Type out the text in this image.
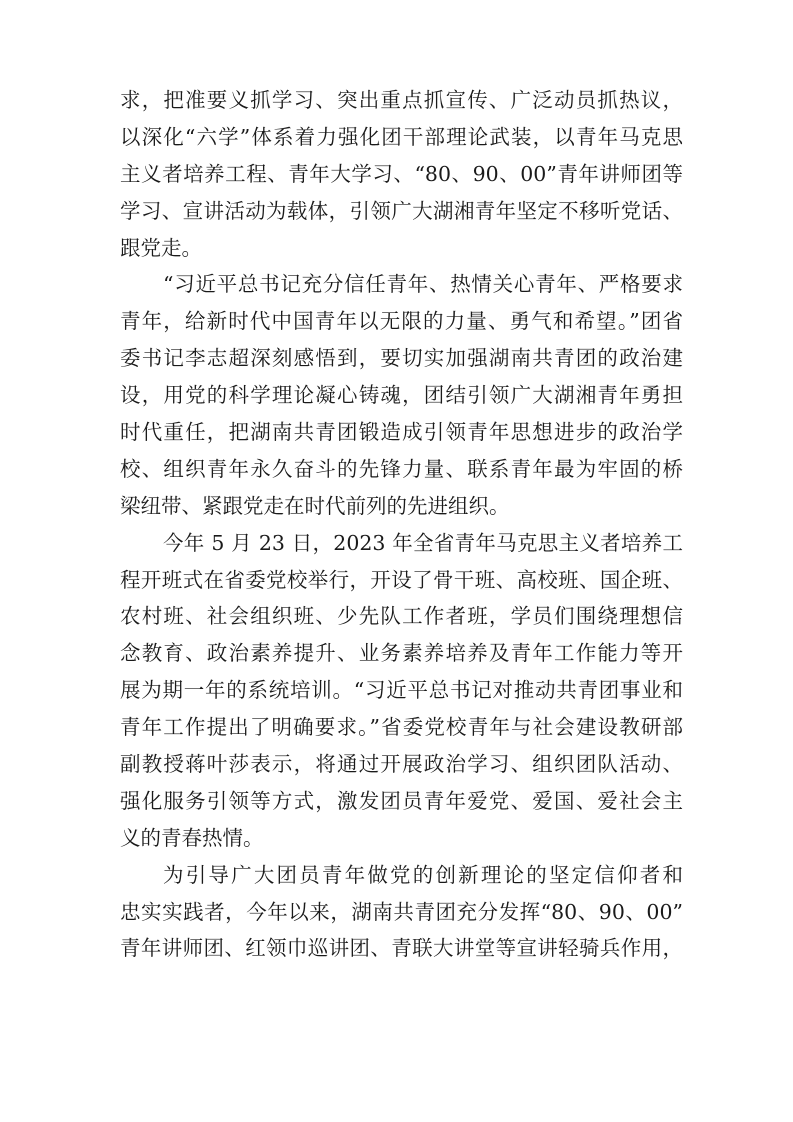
求，把准要义抓学习、突出重点抓宣传、广泛动员抓热议，
以深化“六学”体系着力强化团干部理论武装，以青年马克思
主义者培养工程、青年大学习、“80、90、00”青年讲师团等
学习、宣讲活动为载体，引领广大湖湘青年坚定不移听党话、
跟党走。
“习近平总书记充分信任青年、热情关心青年、严格要求
青年，给新时代中国青年以无限的力量、勇气和希望。”团省
委书记李志超深刻感悟到，要切实加强湖南共青团的政治建
设，用党的科学理论凝心铸魂，团结引领广大湖湘青年勇担
时代重任，把湖南共青团锻造成引领青年思想进步的政治学
校、组织青年永久奋斗的先锋力量、联系青年最为牢固的桥
梁纽带、紧跟党走在时代前列的先进组织。
今年 5 月 23 日，2023 年全省青年马克思主义者培养工
程开班式在省委党校举行，开设了骨干班、高校班、国企班、
农村班、社会组织班、少先队工作者班，学员们围绕理想信
念教育、政治素养提升、业务素养培养及青年工作能力等开
展为期一年的系统培训。“习近平总书记对推动共青团事业和
青年工作提出了明确要求。”省委党校青年与社会建设教研部
副教授蒋叶莎表示，将通过开展政治学习、组织团队活动、
强化服务引领等方式，激发团员青年爱党、爱国、爱社会主
义的青春热情。
为引导广大团员青年做党的创新理论的坚定信仰者和
忠实实践者，今年以来，湖南共青团充分发挥“80、90、00”
青年讲师团、红领巾巡讲团、青联大讲堂等宣讲轻骑兵作用，
